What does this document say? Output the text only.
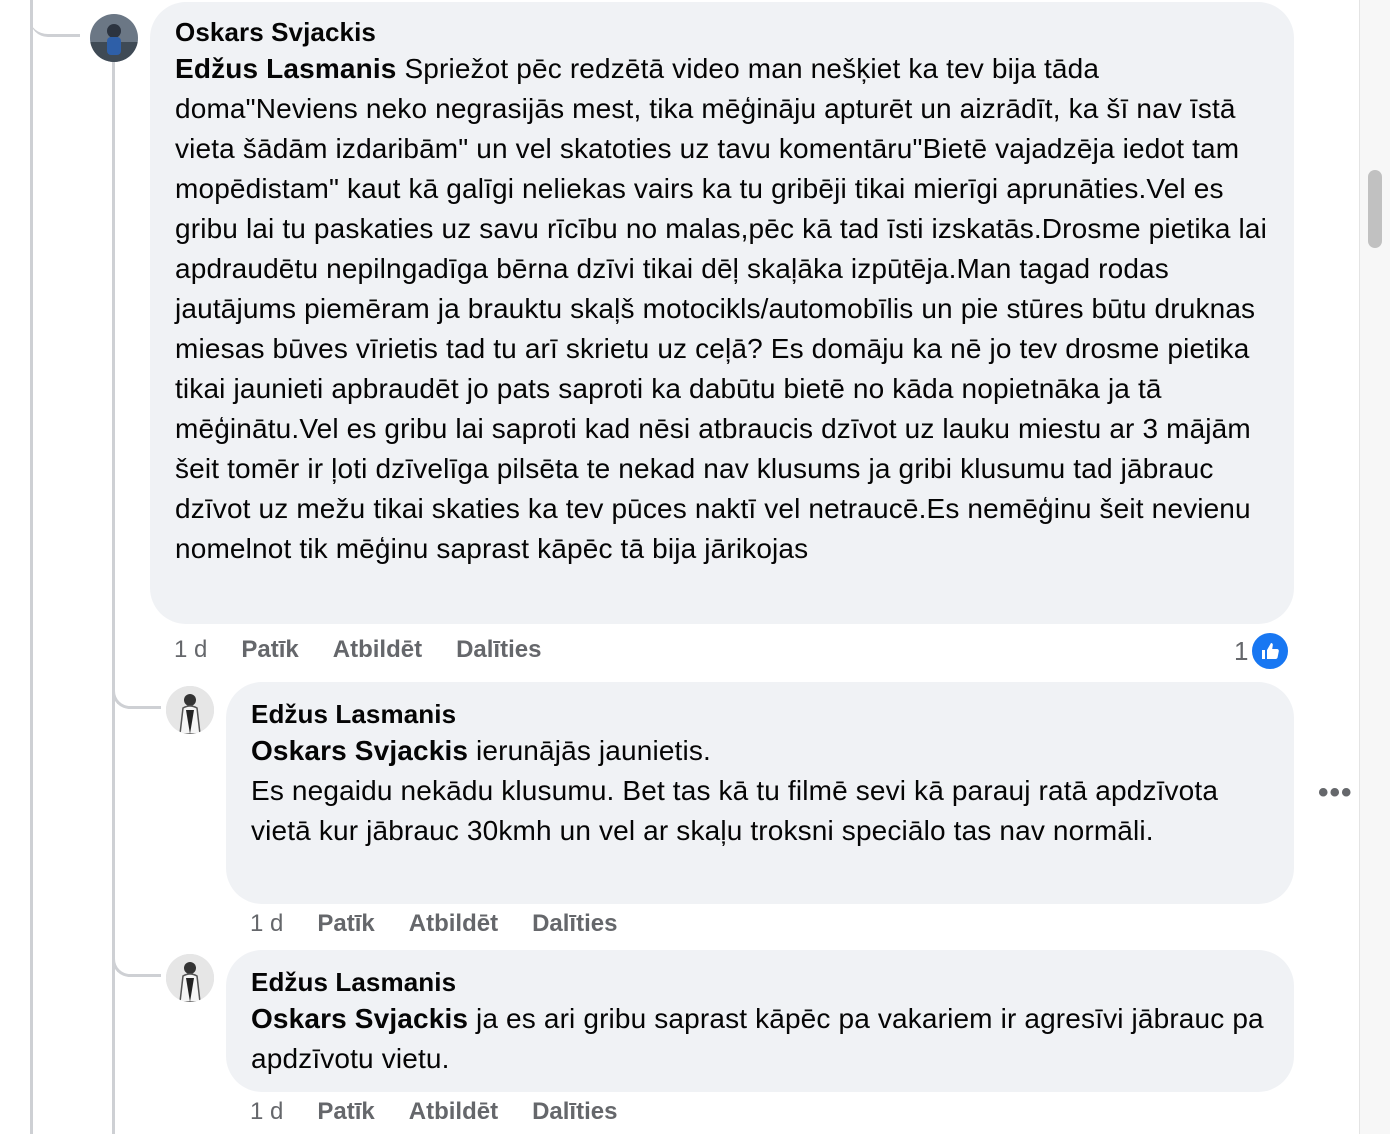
Oskars Svjackis
Edžus Lasmanis Spriežot pēc redzētā video man nešķiet ka tev bija tāda doma"Neviens neko negrasijās mest, tika mēģināju apturēt un aizrādīt, ka šī nav īstā vieta šādām izdaribām" un vel skatoties uz tavu komentāru"Bietē vajadzēja iedot tam mopēdistam" kaut kā galīgi neliekas vairs ka tu gribēji tikai mierīgi aprunāties.Vel es gribu lai tu paskaties uz savu rīcību no malas,pēc kā tad īsti izskatās.Drosme pietika lai apdraudētu nepilngadīga bērna dzīvi tikai dēļ skaļāka izpūtēja.Man tagad rodas jautājums piemēram ja brauktu skaļš motocikls/automobīlis un pie stūres būtu druknas miesas būves vīrietis tad tu arī skrietu uz ceļā? Es domāju ka nē jo tev drosme pietika tikai jaunieti apbraudēt jo pats saproti ka dabūtu bietē no kāda nopietnāka ja tā mēģinātu.Vel es gribu lai saproti kad nēsi atbraucis dzīvot uz lauku miestu ar 3 mājām šeit tomēr ir ļoti dzīvelīga pilsēta te nekad nav klusums ja gribi klusumu tad jābrauc dzīvot uz mežu tikai skaties ka tev pūces naktī vel netraucē.Es nemēģinu šeit nevienu nomelnot tik mēģinu saprast kāpēc tā bija jārikojas
1 d Patīk Atbildēt Dalīties	1
Edžus Lasmanis
Oskars Svjackis ierunājās jaunietis.
Es negaidu nekādu klusumu. Bet tas kā tu filmē sevi kā parauj ratā apdzīvota vietā kur jābrauc 30kmh un vel ar skaļu troksni speciālo tas nav normāli.
•••
1 d Patīk Atbildēt Dalīties
Edžus Lasmanis
Oskars Svjackis ja es ari gribu saprast kāpēc pa vakariem ir agresīvi jābrauc pa apdzīvotu vietu.
1 d Patīk Atbildēt Dalīties
